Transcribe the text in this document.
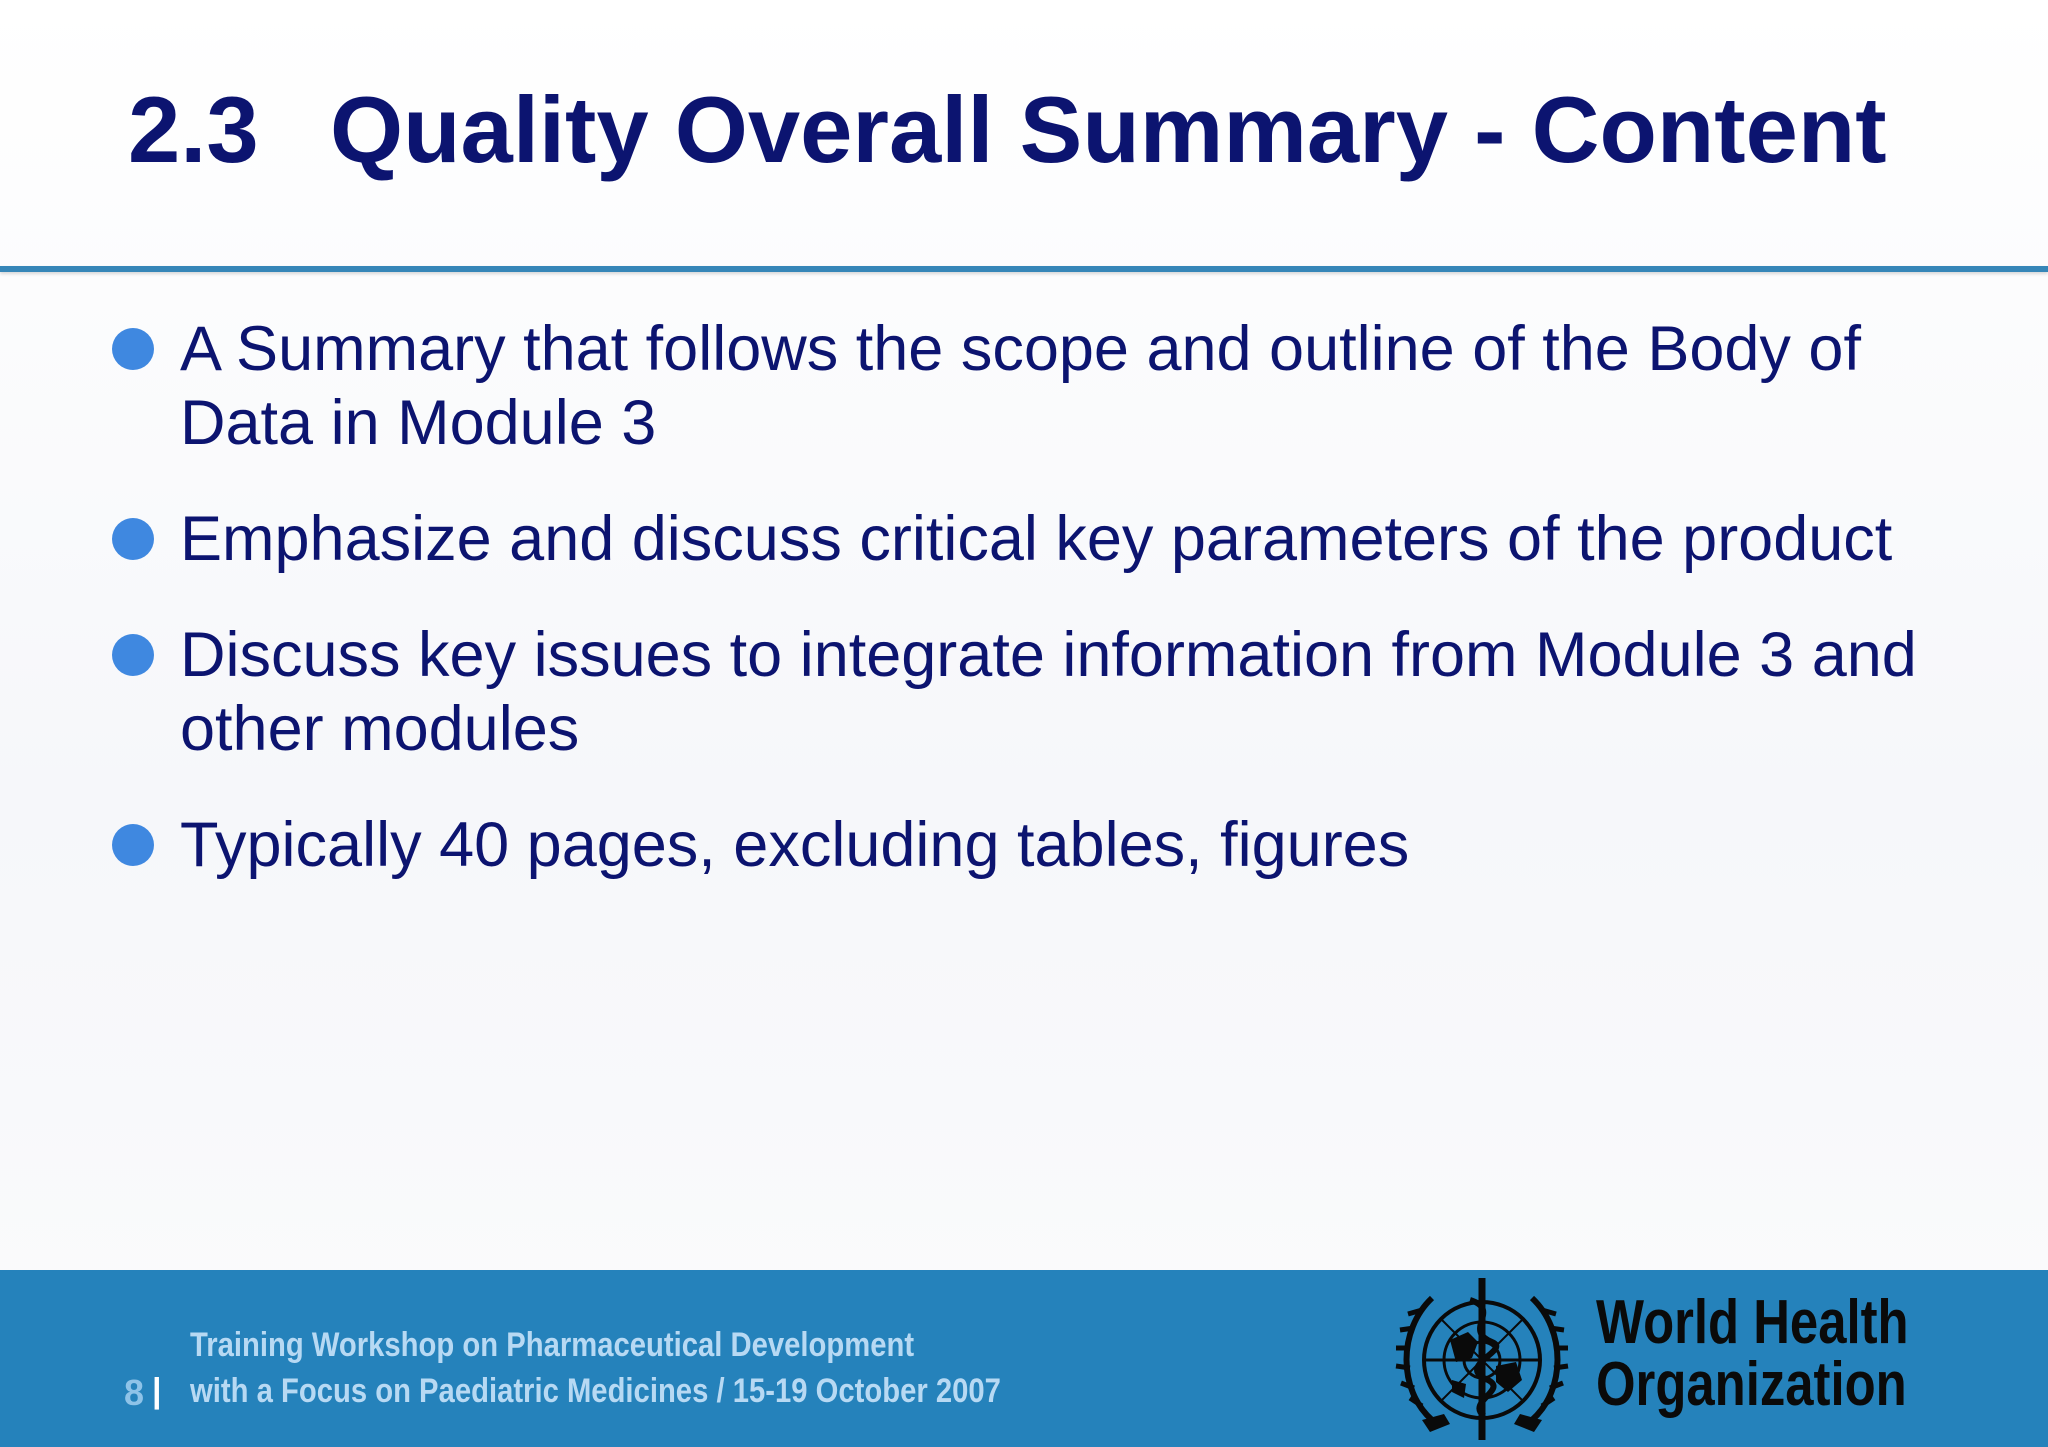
2.3 Quality Overall Summary - Content
A Summary that follows the scope and outline of the Body of Data in Module 3
Emphasize and discuss critical key parameters of the product
Discuss key issues to integrate information from Module 3 and other modules
Typically 40 pages, excluding tables, figures
8 |
Training Workshop on Pharmaceutical Development
with a Focus on Paediatric Medicines / 15-19 October 2007
World Health
Organization
